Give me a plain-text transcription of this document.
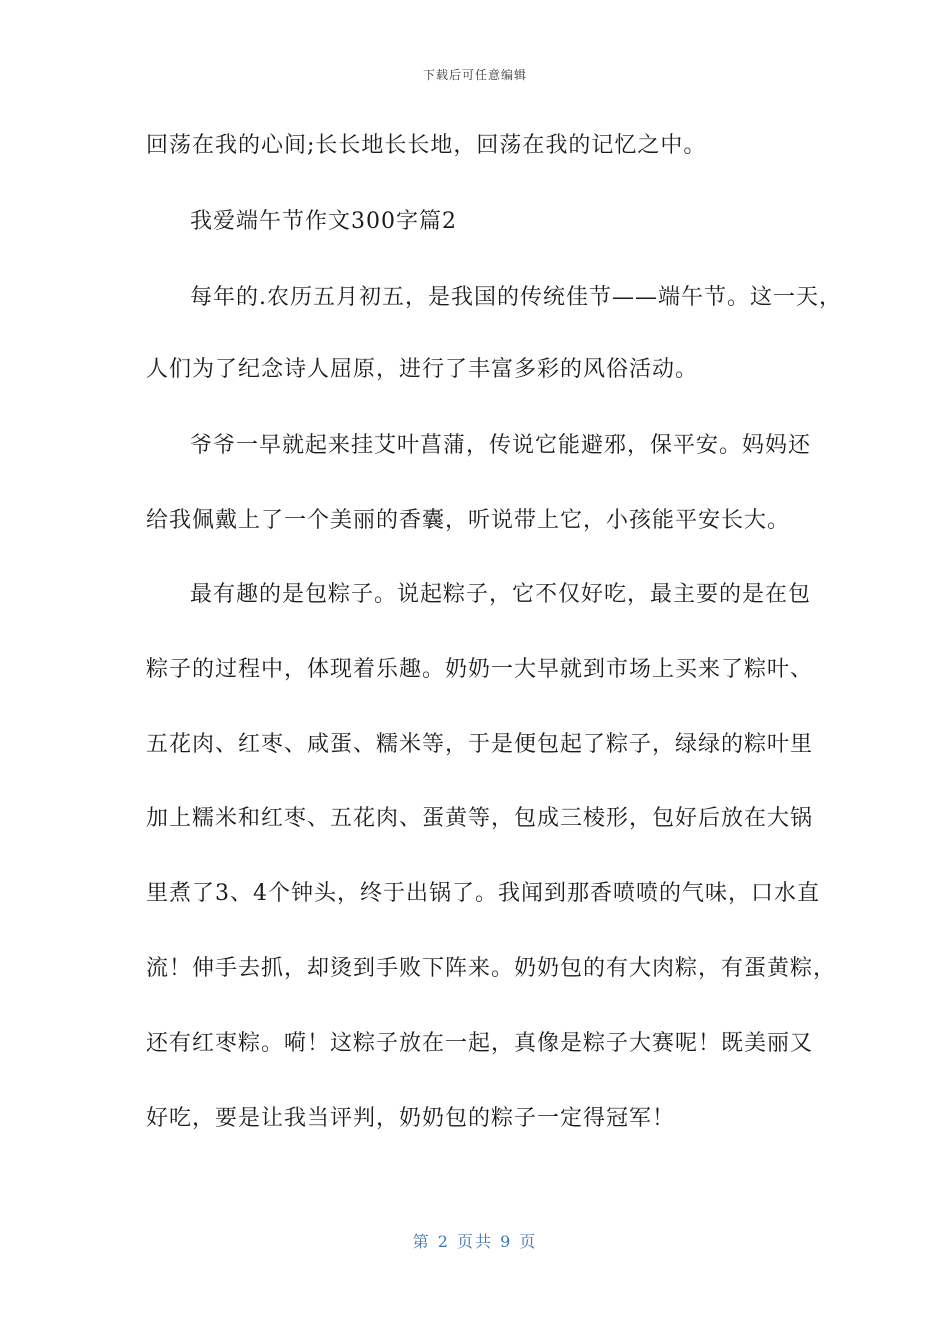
下载后可任意编辑
回荡在我的心间;长长地长长地，回荡在我的记忆之中。
我爱端午节作文300字篇2
每年的.农历五月初五，是我国的传统佳节——端午节。这一天，
人们为了纪念诗人屈原，进行了丰富多彩的风俗活动。
爷爷一早就起来挂艾叶菖蒲，传说它能避邪，保平安。妈妈还
给我佩戴上了一个美丽的香囊，听说带上它，小孩能平安长大。
最有趣的是包粽子。说起粽子，它不仅好吃，最主要的是在包
粽子的过程中，体现着乐趣。奶奶一大早就到市场上买来了粽叶、
五花肉、红枣、咸蛋、糯米等，于是便包起了粽子，绿绿的粽叶里
加上糯米和红枣、五花肉、蛋黄等，包成三棱形，包好后放在大锅
里煮了3、4个钟头，终于出锅了。我闻到那香喷喷的气味，口水直
流！伸手去抓，却烫到手败下阵来。奶奶包的有大肉粽，有蛋黄粽，
还有红枣粽。嗬！这粽子放在一起，真像是粽子大赛呢！既美丽又
好吃，要是让我当评判，奶奶包的粽子一定得冠军！
第 2 页共 9 页
